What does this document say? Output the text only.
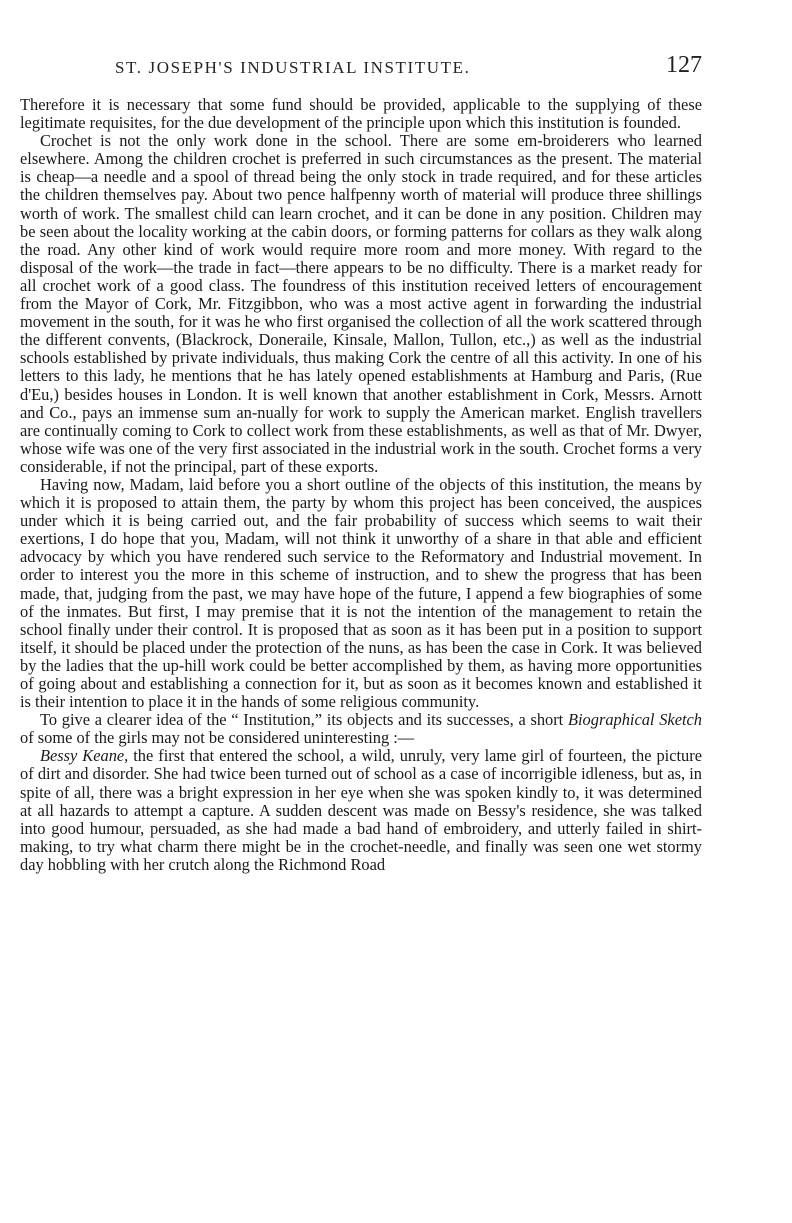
ST. JOSEPH'S INDUSTRIAL INSTITUTE.	127

Therefore it is necessary that some fund should be provided, applicable to the supplying of these legitimate requisites, for the due development of the principle upon which this institution is founded.

Crochet is not the only work done in the school. There are some em-broiderers who learned elsewhere. Among the children crochet is preferred in such circumstances as the present. The material is cheap—a needle and a spool of thread being the only stock in trade required, and for these articles the children themselves pay. About two pence halfpenny worth of material will produce three shillings worth of work. The smallest child can learn crochet, and it can be done in any position. Children may be seen about the locality working at the cabin doors, or forming patterns for collars as they walk along the road. Any other kind of work would require more room and more money. With regard to the disposal of the work—the trade in fact—there appears to be no difficulty. There is a market ready for all crochet work of a good class. The foundress of this institution received letters of encouragement from the Mayor of Cork, Mr. Fitzgibbon, who was a most active agent in forwarding the industrial movement in the south, for it was he who first organised the collection of all the work scattered through the different convents, (Blackrock, Doneraile, Kinsale, Mallon, Tullon, etc.,) as well as the industrial schools established by private individuals, thus making Cork the centre of all this activity. In one of his letters to this lady, he mentions that he has lately opened establishments at Hamburg and Paris, (Rue d'Eu,) besides houses in London. It is well known that another establishment in Cork, Messrs. Arnott and Co., pays an immense sum an-nually for work to supply the American market. English travellers are continually coming to Cork to collect work from these establishments, as well as that of Mr. Dwyer, whose wife was one of the very first associated in the industrial work in the south. Crochet forms a very considerable, if not the principal, part of these exports.

Having now, Madam, laid before you a short outline of the objects of this institution, the means by which it is proposed to attain them, the party by whom this project has been conceived, the auspices under which it is being carried out, and the fair probability of success which seems to wait their exertions, I do hope that you, Madam, will not think it unworthy of a share in that able and efficient advocacy by which you have rendered such service to the Reformatory and Industrial movement. In order to interest you the more in this scheme of instruction, and to shew the progress that has been made, that, judging from the past, we may have hope of the future, I append a few biographies of some of the inmates. But first, I may premise that it is not the intention of the management to retain the school finally under their control. It is proposed that as soon as it has been put in a position to support itself, it should be placed under the protection of the nuns, as has been the case in Cork. It was believed by the ladies that the up-hill work could be better accomplished by them, as having more opportunities of going about and establishing a connection for it, but as soon as it becomes known and established it is their intention to place it in the hands of some religious community.

To give a clearer idea of the “ Institution,” its objects and its successes, a short Biographical Sketch of some of the girls may not be considered uninteresting :—

Bessy Keane, the first that entered the school, a wild, unruly, very lame girl of fourteen, the picture of dirt and disorder. She had twice been turned out of school as a case of incorrigible idleness, but as, in spite of all, there was a bright expression in her eye when she was spoken kindly to, it was determined at all hazards to attempt a capture. A sudden descent was made on Bessy's residence, she was talked into good humour, persuaded, as she had made a bad hand of embroidery, and utterly failed in shirt-making, to try what charm there might be in the crochet-needle, and finally was seen one wet stormy day hobbling with her crutch along the Richmond Road
